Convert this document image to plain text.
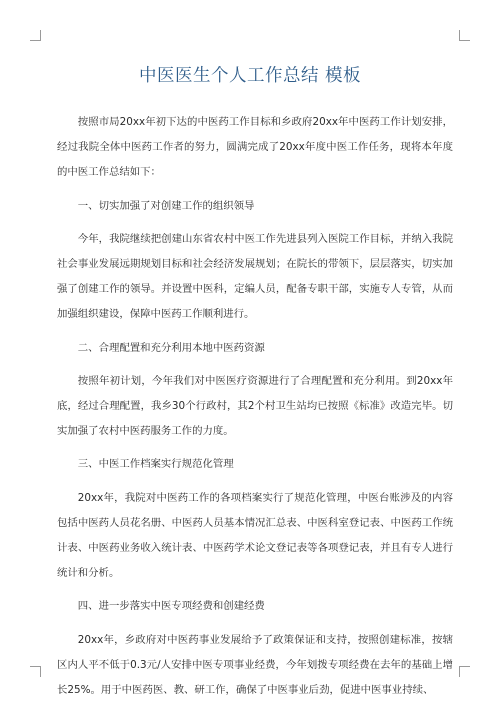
中医医生个人工作总结 模板

按照市局20xx年初下达的中医药工作目标和乡政府20xx年中医药工作计划安排，经过我院全体中医药工作者的努力，圆满完成了20xx年度中医工作任务，现将本年度的中医工作总结如下：

一、切实加强了对创建工作的组织领导

今年，我院继续把创建山东省农村中医工作先进县列入医院工作目标，并纳入我院社会事业发展远期规划目标和社会经济发展规划；在院长的带领下，层层落实，切实加强了创建工作的领导。并设置中医科，定编人员，配备专职干部，实施专人专管，从而加强组织建设，保障中医药工作顺利进行。

二、合理配置和充分利用本地中医药资源

按照年初计划，今年我们对中医医疗资源进行了合理配置和充分利用。到20xx年底，经过合理配置，我乡30个行政村，其2个村卫生站均已按照《标准》改造完毕。切实加强了农村中医药服务工作的力度。

三、中医工作档案实行规范化管理

20xx年，我院对中医药工作的各项档案实行了规范化管理，中医台账涉及的内容包括中医药人员花名册、中医药人员基本情况汇总表、中医科室登记表、中医药工作统计表、中医药业务收入统计表、中医药学术论文登记表等各项登记表，并且有专人进行统计和分析。

四、进一步落实中医专项经费和创建经费

20xx年，乡政府对中医药事业发展给予了政策保证和支持，按照创建标准，按辖区内人平不低于0.3元/人安排中医专项事业经费，今年划拨专项经费在去年的基础上增长25%。用于中医药医、教、研工作，确保了中医事业后劲，促进中医事业持续、
